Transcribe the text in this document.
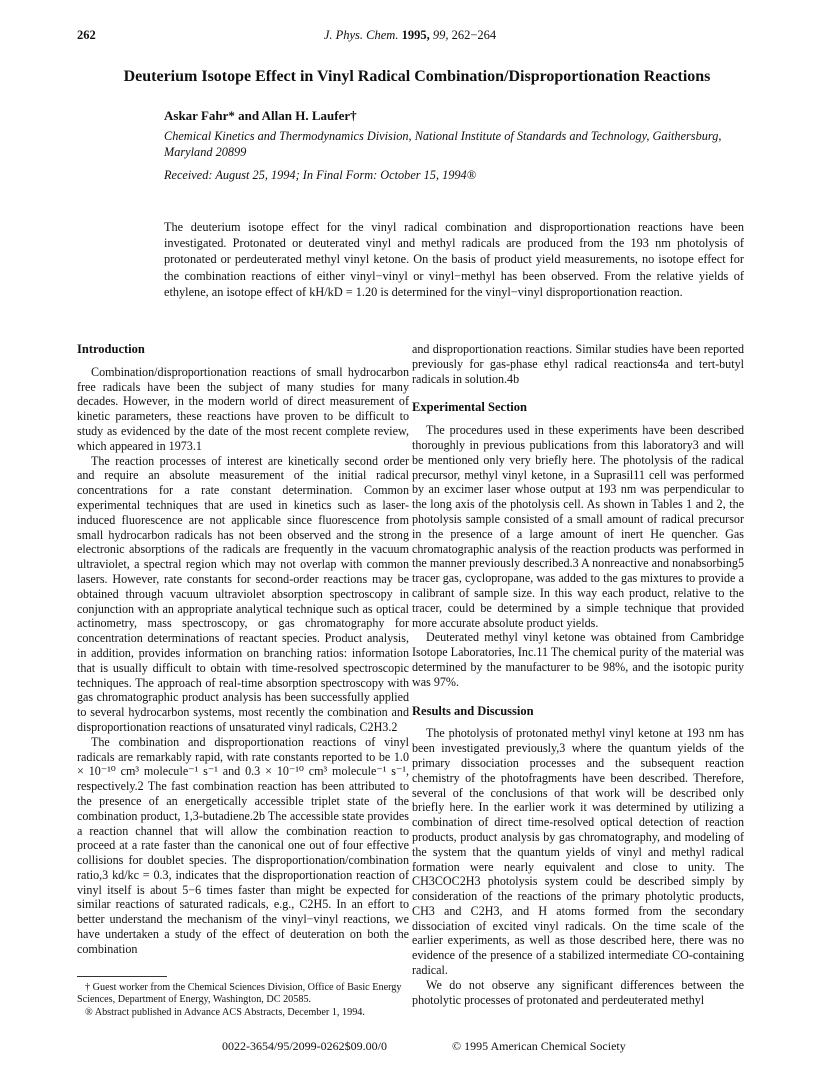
262	J. Phys. Chem. 1995, 99, 262−264
Deuterium Isotope Effect in Vinyl Radical Combination/Disproportionation Reactions
Askar Fahr* and Allan H. Laufer†
Chemical Kinetics and Thermodynamics Division, National Institute of Standards and Technology, Gaithersburg, Maryland 20899
Received: August 25, 1994; In Final Form: October 15, 1994®
The deuterium isotope effect for the vinyl radical combination and disproportionation reactions have been investigated. Protonated or deuterated vinyl and methyl radicals are produced from the 193 nm photolysis of protonated or perdeuterated methyl vinyl ketone. On the basis of product yield measurements, no isotope effect for the combination reactions of either vinyl−vinyl or vinyl−methyl has been observed. From the relative yields of ethylene, an isotope effect of kH/kD = 1.20 is determined for the vinyl−vinyl disproportionation reaction.
Introduction

Combination/disproportionation reactions of small hydrocarbon free radicals have been the subject of many studies for many decades. However, in the modern world of direct measurement of kinetic parameters, these reactions have proven to be difficult to study as evidenced by the date of the most recent complete review, which appeared in 1973.1

The reaction processes of interest are kinetically second order and require an absolute measurement of the initial radical concentrations for a rate constant determination. Common experimental techniques that are used in kinetics such as laser-induced fluorescence are not applicable since fluorescence from small hydrocarbon radicals has not been observed and the strong electronic absorptions of the radicals are frequently in the vacuum ultraviolet, a spectral region which may not overlap with common lasers. However, rate constants for second-order reactions may be obtained through vacuum ultraviolet absorption spectroscopy in conjunction with an appropriate analytical technique such as optical actinometry, mass spectroscopy, or gas chromatography for concentration determinations of reactant species. Product analysis, in addition, provides information on branching ratios: information that is usually difficult to obtain with time-resolved spectroscopic techniques. The approach of real-time absorption spectroscopy with gas chromatographic product analysis has been successfully applied to several hydrocarbon systems, most recently the combination and disproportionation reactions of unsaturated vinyl radicals, C2H3.2

The combination and disproportionation reactions of vinyl radicals are remarkably rapid, with rate constants reported to be 1.0 × 10⁻¹⁰ cm³ molecule⁻¹ s⁻¹ and 0.3 × 10⁻¹⁰ cm³ molecule⁻¹ s⁻¹, respectively.2 The fast combination reaction has been attributed to the presence of an energetically accessible triplet state of the combination product, 1,3-butadiene.2b The accessible state provides a reaction channel that will allow the combination reaction to proceed at a rate faster than the canonical one out of four effective collisions for doublet species. The disproportionation/combination ratio,3 kd/kc = 0.3, indicates that the disproportionation reaction of vinyl itself is about 5−6 times faster than might be expected for similar reactions of saturated radicals, e.g., C2H5. In an effort to better understand the mechanism of the vinyl−vinyl reactions, we have undertaken a study of the effect of deuteration on both the combination

and disproportionation reactions. Similar studies have been reported previously for gas-phase ethyl radical reactions4a and tert-butyl radicals in solution.4b

Experimental Section

The procedures used in these experiments have been described thoroughly in previous publications from this laboratory3 and will be mentioned only very briefly here. The photolysis of the radical precursor, methyl vinyl ketone, in a Suprasil11 cell was performed by an excimer laser whose output at 193 nm was perpendicular to the long axis of the photolysis cell. As shown in Tables 1 and 2, the photolysis sample consisted of a small amount of radical precursor in the presence of a large amount of inert He quencher. Gas chromatographic analysis of the reaction products was performed in the manner previously described.3 A nonreactive and nonabsorbing5 tracer gas, cyclopropane, was added to the gas mixtures to provide a calibrant of sample size. In this way each product, relative to the tracer, could be determined by a simple technique that provided more accurate absolute product yields.

Deuterated methyl vinyl ketone was obtained from Cambridge Isotope Laboratories, Inc.11 The chemical purity of the material was determined by the manufacturer to be 98%, and the isotopic purity was 97%.

Results and Discussion

The photolysis of protonated methyl vinyl ketone at 193 nm has been investigated previously,3 where the quantum yields of the primary dissociation processes and the subsequent reaction chemistry of the photofragments have been described. Therefore, several of the conclusions of that work will be described only briefly here. In the earlier work it was determined by utilizing a combination of direct time-resolved optical detection of reaction products, product analysis by gas chromatography, and modeling of the system that the quantum yields of vinyl and methyl radical formation were nearly equivalent and close to unity. The CH3COC2H3 photolysis system could be described simply by consideration of the reactions of the primary photolytic products, CH3 and C2H3, and H atoms formed from the secondary dissociation of excited vinyl radicals. On the time scale of the earlier experiments, as well as those described here, there was no evidence of the presence of a stabilized intermediate CO-containing radical.

We do not observe any significant differences between the photolytic processes of protonated and perdeuterated methyl

† Guest worker from the Chemical Sciences Division, Office of Basic Energy Sciences, Department of Energy, Washington, DC 20585.
® Abstract published in Advance ACS Abstracts, December 1, 1994.
0022-3654/95/2099-0262$09.00/0	© 1995 American Chemical Society
